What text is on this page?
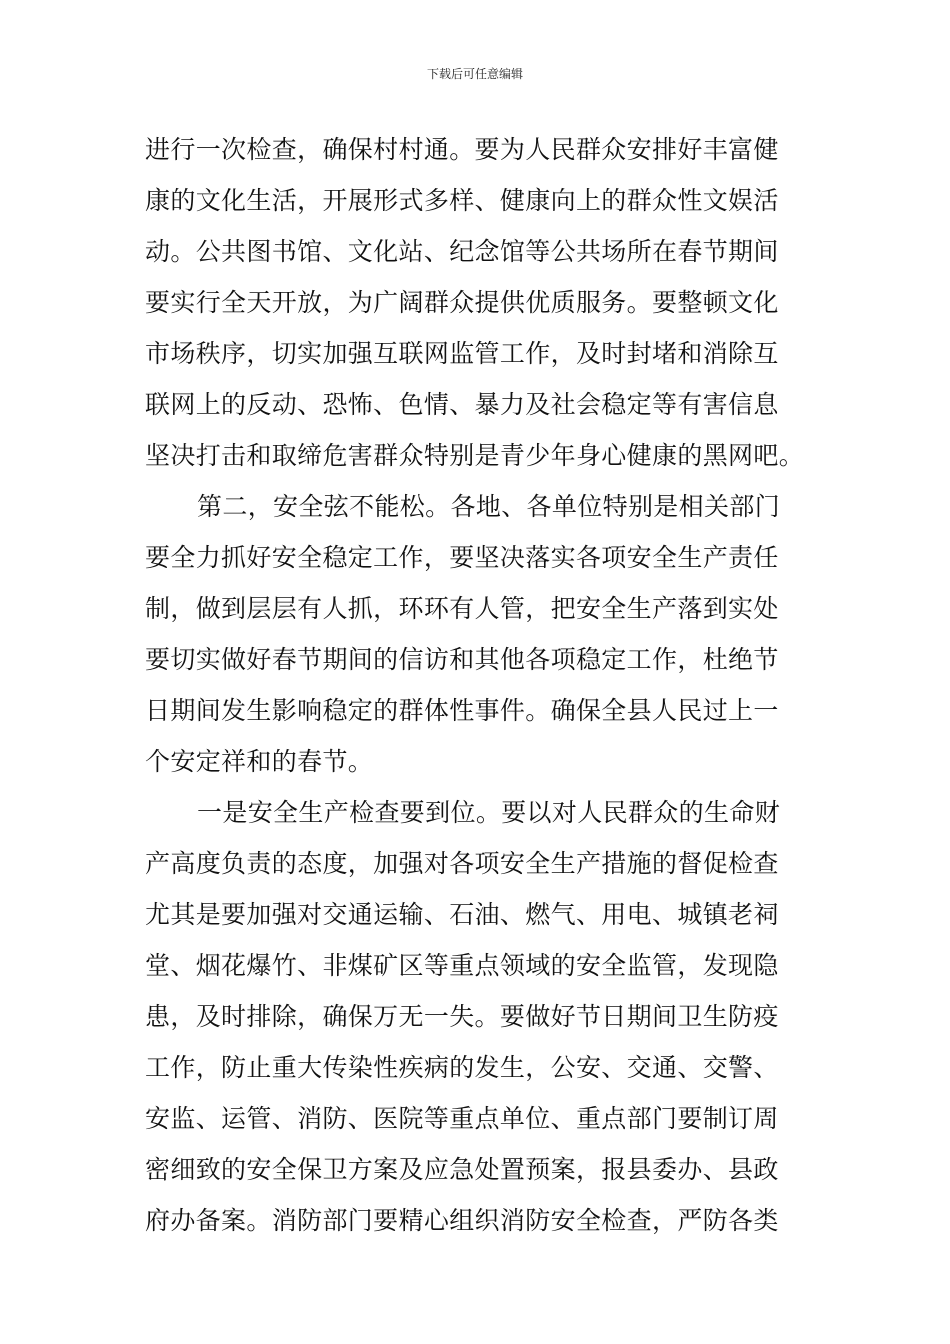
下载后可任意编辑
进行一次检查，确保村村通。要为人民群众安排好丰富健
康的文化生活，开展形式多样、健康向上的群众性文娱活
动。公共图书馆、文化站、纪念馆等公共场所在春节期间
要实行全天开放，为广阔群众提供优质服务。要整顿文化
市场秩序，切实加强互联网监管工作，及时封堵和消除互
联网上的反动、恐怖、色情、暴力及社会稳定等有害信息
坚决打击和取缔危害群众特别是青少年身心健康的黑网吧。
第二，安全弦不能松。各地、各单位特别是相关部门
要全力抓好安全稳定工作，要坚决落实各项安全生产责任
制，做到层层有人抓，环环有人管，把安全生产落到实处
要切实做好春节期间的信访和其他各项稳定工作，杜绝节
日期间发生影响稳定的群体性事件。确保全县人民过上一
个安定祥和的春节。
一是安全生产检查要到位。要以对人民群众的生命财
产高度负责的态度，加强对各项安全生产措施的督促检查
尤其是要加强对交通运输、石油、燃气、用电、城镇老祠
堂、烟花爆竹、非煤矿区等重点领域的安全监管，发现隐
患，及时排除，确保万无一失。要做好节日期间卫生防疫
工作，防止重大传染性疾病的发生，公安、交通、交警、
安监、运管、消防、医院等重点单位、重点部门要制订周
密细致的安全保卫方案及应急处置预案，报县委办、县政
府办备案。消防部门要精心组织消防安全检查，严防各类
